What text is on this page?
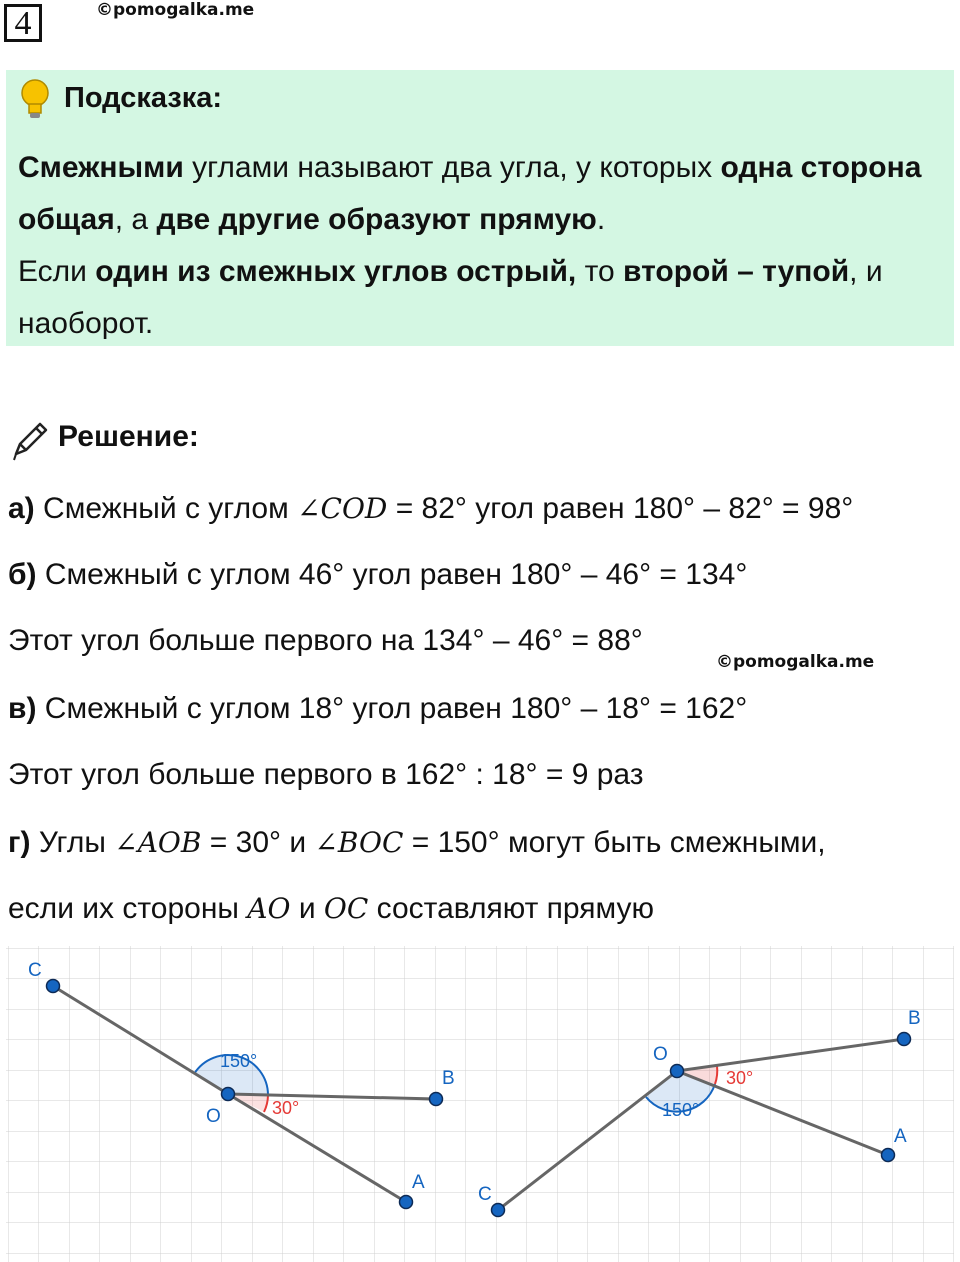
4	©pomogalka.me
Подсказка:
Смежными углами называют два угла, у которых одна сторона общая, а две другие образуют прямую.
Если один из смежных углов острый, то второй – тупой, и наоборот.
Решение:
а) Смежный с углом ∠COD = 82° угол равен 180° – 82° = 98°
б) Смежный с углом 46° угол равен 180° – 46° = 134°
Этот угол больше первого на 134° – 46° = 88°
©pomogalka.me
в) Смежный с углом 18° угол равен 180° – 18° = 162°
Этот угол больше первого в 162° : 18° = 9 раз
г) Углы ∠AOB = 30° и ∠BOC = 150° могут быть смежными,
если их стороны AO и OC составляют прямую
C
O
B
A
150°
30°
O
B
A
C
150°
30°
